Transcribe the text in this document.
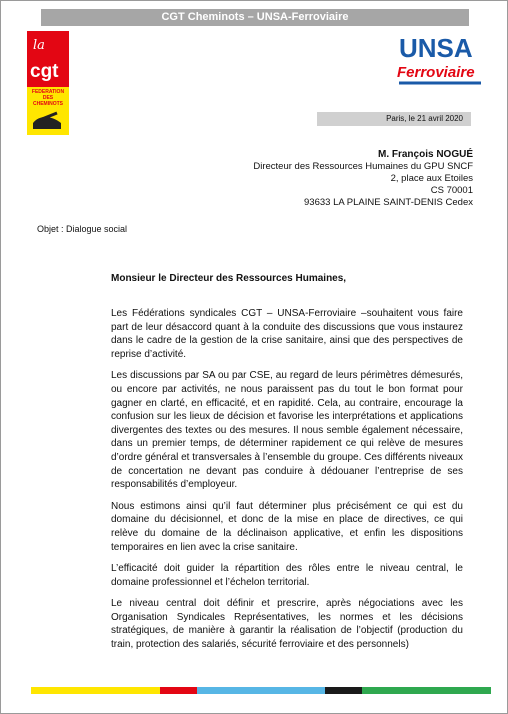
CGT Cheminots – UNSA-Ferroviaire
la
cgt
FÉDÉRATION DES CHEMINOTS
UNSA
Ferroviaire
Paris, le 21 avril 2020
M. François NOGUÉ
Directeur des Ressources Humaines du GPU SNCF
2, place aux Etoiles
CS 70001
93633 LA PLAINE SAINT-DENIS Cedex
Objet : Dialogue social
Monsieur le Directeur des Ressources Humaines,

Les Fédérations syndicales CGT – UNSA-Ferroviaire –souhaitent vous faire part de leur désaccord quant à la conduite des discussions que vous instaurez dans le cadre de la gestion de la crise sanitaire, ainsi que des perspectives de reprise d’activité.

Les discussions par SA ou par CSE, au regard de leurs périmètres démesurés, ou encore par activités, ne nous paraissent pas du tout le bon format pour gagner en clarté, en efficacité, et en rapidité. Cela, au contraire, encourage la confusion sur les lieux de décision et favorise les interprétations et applications divergentes des textes ou des mesures. Il nous semble également nécessaire, dans un premier temps, de déterminer rapidement ce qui relève de mesures d’ordre général et transversales à l’ensemble du groupe. Ces différents niveaux de concertation ne devant pas conduire à dédouaner l’entreprise de ses responsabilités d’employeur.

Nous estimons ainsi qu’il faut déterminer plus précisément ce qui est du domaine du décisionnel, et donc de la mise en place de directives, ce qui relève du domaine de la déclinaison applicative, et enfin les dispositions temporaires en lien avec la crise sanitaire.

L’efficacité doit guider la répartition des rôles entre le niveau central, le domaine professionnel et l’échelon territorial.

Le niveau central doit définir et prescrire, après négociations avec les Organisation Syndicales Représentatives, les normes et les décisions stratégiques, de manière à garantir la réalisation de l’objectif (production du train, protection des salariés, sécurité ferroviaire et des personnels)
